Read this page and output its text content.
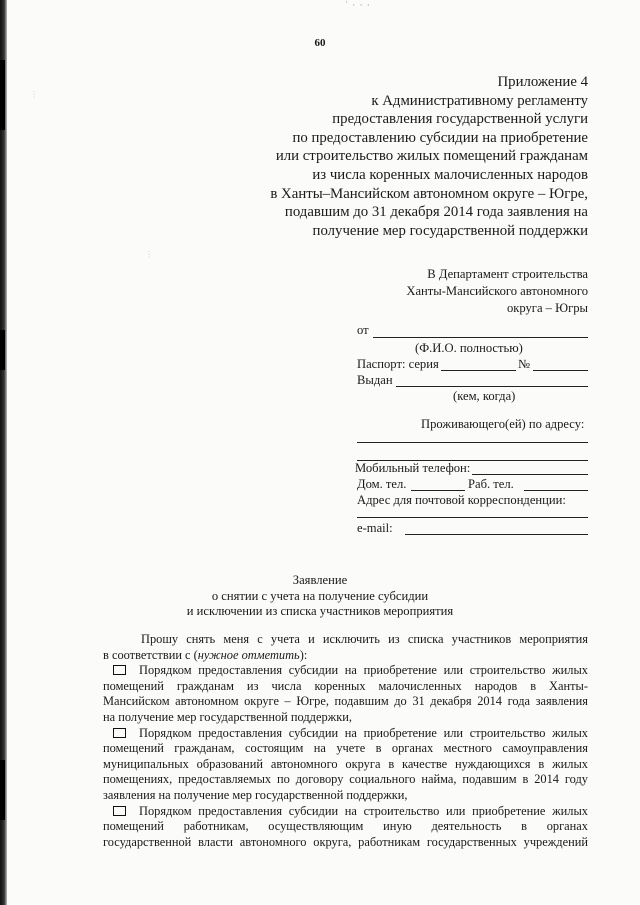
˙ · · ·
⋮
⋮
60
Приложение 4
к Административному регламенту
предоставления государственной услуги
по предоставлению субсидии на приобретение
или строительство жилых помещений гражданам
из числа коренных малочисленных народов
в Ханты–Мансийском автономном округе – Югре,
подавшим до 31 декабря 2014 года заявления на
получение мер государственной поддержки
В Департамент строительства
Ханты-Мансийского автономного
округа – Югры
от
(Ф.И.О. полностью)
Паспорт: серия	№
Выдан
(кем, когда)
Проживающего(ей) по адресу:
Мобильный телефон:
Дом. тел.	Раб. тел.
Адрес для почтовой корреспонденции:
e-mail:
Заявление
о снятии с учета на получение субсидии
и исключении из списка участников мероприятия
Прошу снять меня с учета и исключить из списка участников мероприятия
в соответствии с (нужное отметить):
Порядком предоставления субсидии на приобретение или строительство жилых
помещений гражданам из числа коренных малочисленных народов в Ханты-
Мансийском автономном округе – Югре, подавшим до 31 декабря 2014 года заявления
на получение мер государственной поддержки,
Порядком предоставления субсидии на приобретение или строительство жилых
помещений гражданам, состоящим на учете в органах местного самоуправления
муниципальных образований автономного округа в качестве нуждающихся в жилых
помещениях, предоставляемых по договору социального найма, подавшим в 2014 году
заявления на получение мер государственной поддержки,
Порядком предоставления субсидии на строительство или приобретение жилых
помещений работникам, осуществляющим иную деятельность в органах
государственной власти автономного округа, работникам государственных учреждений
